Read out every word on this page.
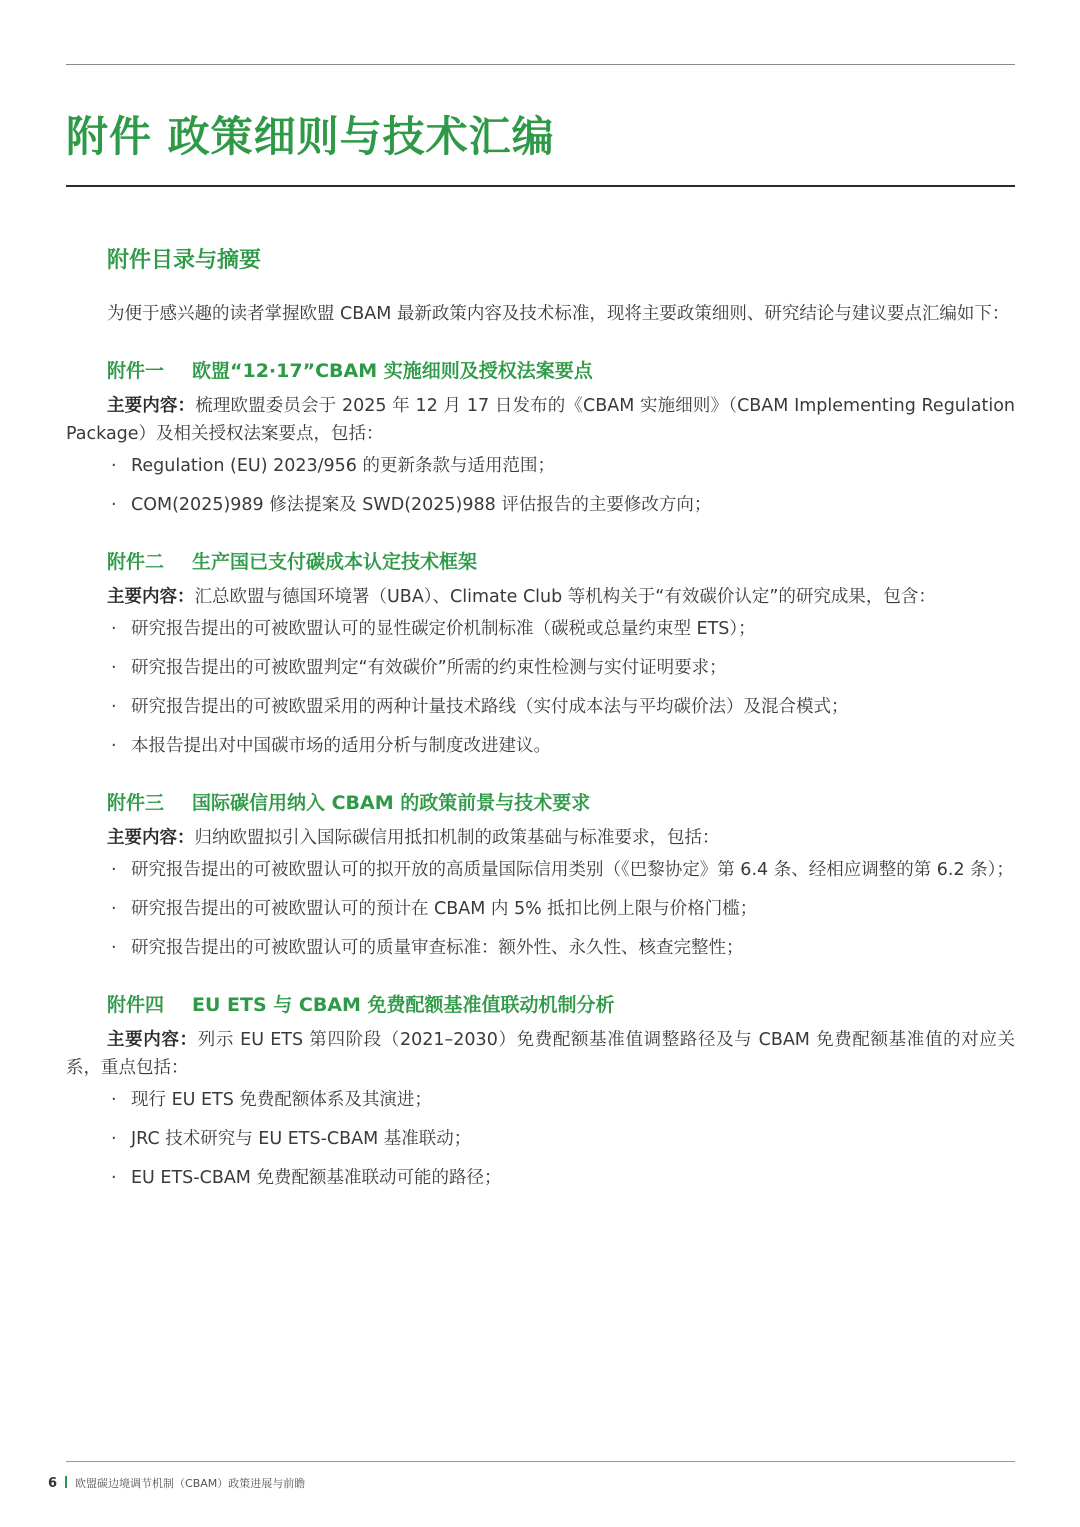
附件 政策细则与技术汇编
附件目录与摘要

为便于感兴趣的读者掌握欧盟 CBAM 最新政策内容及技术标准，现将主要政策细则、研究结论与建议要点汇编如下：

附件一 欧盟“12·17”CBAM 实施细则及授权法案要点

主要内容：梳理欧盟委员会于 2025 年 12 月 17 日发布的《CBAM 实施细则》（CBAM Implementing Regulation Package）及相关授权法案要点，包括：

· Regulation (EU) 2023/956 的更新条款与适用范围；
· COM(2025)989 修法提案及 SWD(2025)988 评估报告的主要修改方向；
附件二 生产国已支付碳成本认定技术框架

主要内容：汇总欧盟与德国环境署（UBA）、Climate Club 等机构关于“有效碳价认定”的研究成果，包含：

· 研究报告提出的可被欧盟认可的显性碳定价机制标准（碳税或总量约束型 ETS）；
· 研究报告提出的可被欧盟判定“有效碳价”所需的约束性检测与实付证明要求；
· 研究报告提出的可被欧盟采用的两种计量技术路线（实付成本法与平均碳价法）及混合模式；
· 本报告提出对中国碳市场的适用分析与制度改进建议。
附件三 国际碳信用纳入 CBAM 的政策前景与技术要求

主要内容：归纳欧盟拟引入国际碳信用抵扣机制的政策基础与标准要求，包括：

· 研究报告提出的可被欧盟认可的拟开放的高质量国际信用类别（《巴黎协定》第 6.4 条、经相应调整的第 6.2 条）；
· 研究报告提出的可被欧盟认可的预计在 CBAM 内 5% 抵扣比例上限与价格门槛；
· 研究报告提出的可被欧盟认可的质量审查标准：额外性、永久性、核查完整性；
附件四 EU ETS 与 CBAM 免费配额基准值联动机制分析

主要内容：列示 EU ETS 第四阶段（2021–2030）免费配额基准值调整路径及与 CBAM 免费配额基准值的对应关系，重点包括：

· 现行 EU ETS 免费配额体系及其演进；
· JRC 技术研究与 EU ETS-CBAM 基准联动；
· EU ETS-CBAM 免费配额基准联动可能的路径；
6 欧盟碳边境调节机制（CBAM）政策进展与前瞻
